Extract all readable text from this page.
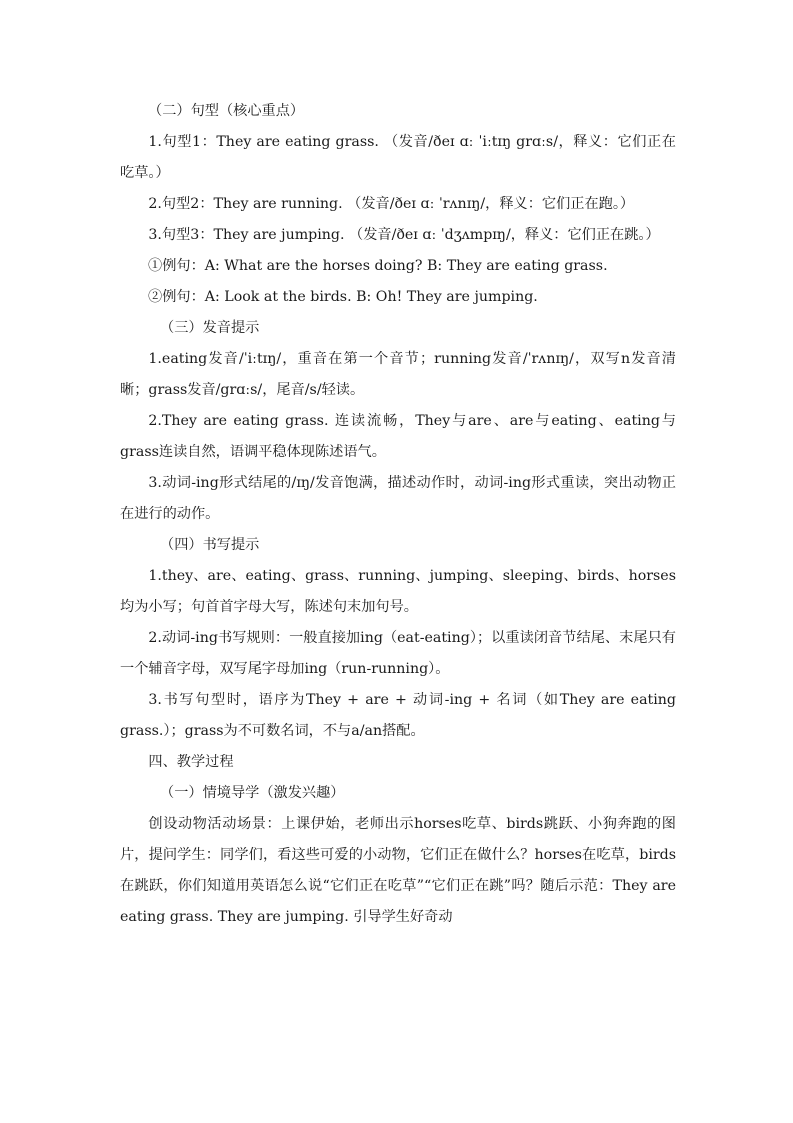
（二）句型（核心重点）

1.句型1：They are eating grass. （发音/ðeɪ ɑː ˈiːtɪŋ grɑːs/，释义：它们正在吃草。）

2.句型2：They are running. （发音/ðeɪ ɑː ˈrʌnɪŋ/，释义：它们正在跑。）

3.句型3：They are jumping. （发音/ðeɪ ɑː ˈdʒʌmpɪŋ/，释义：它们正在跳。）

①例句：A: What are the horses doing? B: They are eating grass.

②例句：A: Look at the birds. B: Oh! They are jumping.

（三）发音提示

1.eating发音/ˈiːtɪŋ/，重音在第一个音节；running发音/ˈrʌnɪŋ/，双写n发音清晰；grass发音/grɑːs/，尾音/s/轻读。

2.They are eating grass. 连读流畅，They与are、are与eating、eating与grass连读自然，语调平稳体现陈述语气。

3.动词-ing形式结尾的/ɪŋ/发音饱满，描述动作时，动词-ing形式重读，突出动物正在进行的动作。

（四）书写提示

1.they、are、eating、grass、running、jumping、sleeping、birds、horses均为小写；句首首字母大写，陈述句末加句号。

2.动词-ing书写规则：一般直接加ing（eat-eating）；以重读闭音节结尾、末尾只有一个辅音字母，双写尾字母加ing（run-running）。

3.书写句型时，语序为They + are + 动词-ing + 名词（如They are eating grass.）；grass为不可数名词，不与a/an搭配。

四、教学过程

（一）情境导学（激发兴趣）

创设动物活动场景：上课伊始，老师出示horses吃草、birds跳跃、小狗奔跑的图片，提问学生：同学们，看这些可爱的小动物，它们正在做什么？horses在吃草，birds在跳跃，你们知道用英语怎么说“它们正在吃草”“它们正在跳”吗？随后示范：They are eating grass. They are jumping. 引导学生好奇动
